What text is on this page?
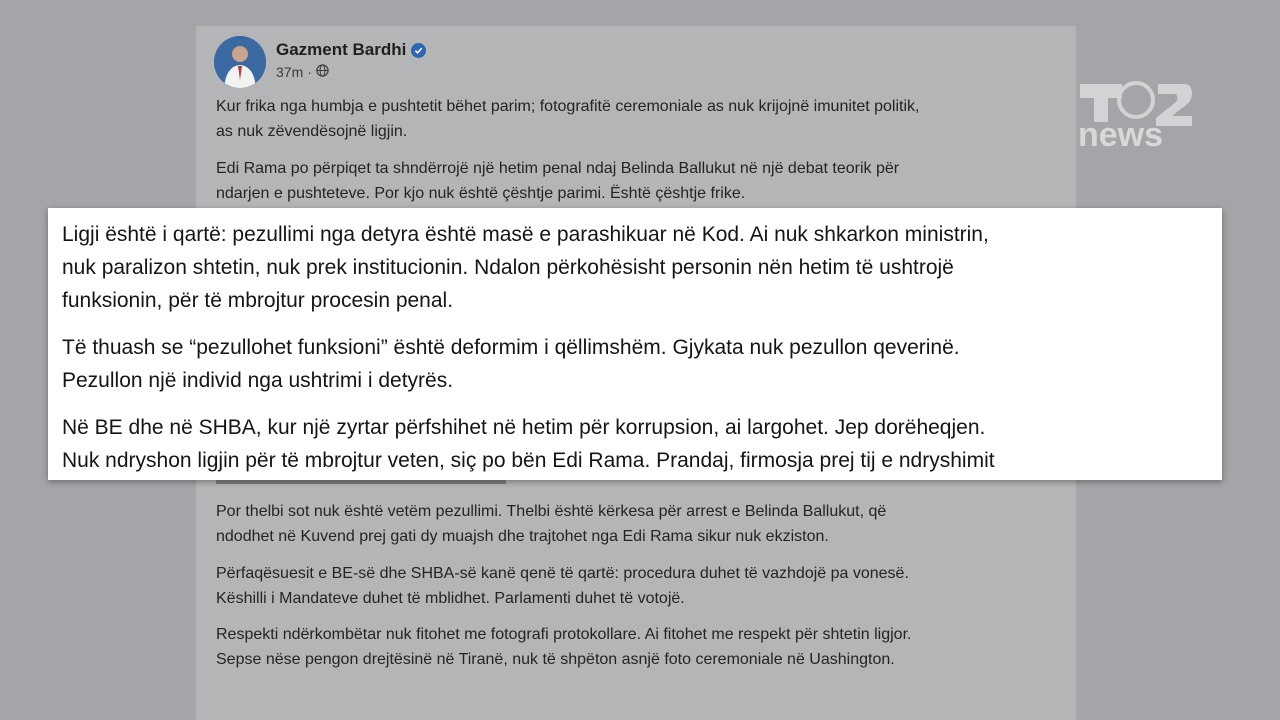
Gazment Bardhi
37m ·

Kur frika nga humbja e pushtetit bëhet parim; fotografitë ceremoniale as nuk krijojnë imunitet politik,

as nuk zëvendësojnë ligjin.

Edi Rama po përpiqet ta shndërrojë një hetim penal ndaj Belinda Ballukut në një debat teorik për

ndarjen e pushteteve. Por kjo nuk është çështje parimi. Është çështje frike.

news

Ligji është i qartë: pezullimi nga detyra është masë e parashikuar në Kod. Ai nuk shkarkon ministrin,
nuk paralizon shtetin, nuk prek institucionin. Ndalon përkohësisht personin nën hetim të ushtrojë
funksionin, për të mbrojtur procesin penal.

Të thuash se “pezullohet funksioni” është deformim i qëllimshëm. Gjykata nuk pezullon qeverinë.
Pezullon një individ nga ushtrimi i detyrës.

Në BE dhe në SHBA, kur një zyrtar përfshihet në hetim për korrupsion, ai largohet. Jep dorëheqjen.
Nuk ndryshon ligjin për të mbrojtur veten, siç po bën Edi Rama. Prandaj, firmosja prej tij e ndryshimit

Por thelbi sot nuk është vetëm pezullimi. Thelbi është kërkesa për arrest e Belinda Ballukut, që

ndodhet në Kuvend prej gati dy muajsh dhe trajtohet nga Edi Rama sikur nuk ekziston.

Përfaqësuesit e BE-së dhe SHBA-së kanë qenë të qartë: procedura duhet të vazhdojë pa vonesë.

Këshilli i Mandateve duhet të mblidhet. Parlamenti duhet të votojë.

Respekti ndërkombëtar nuk fitohet me fotografi protokollare. Ai fitohet me respekt për shtetin ligjor.

Sepse nëse pengon drejtësinë në Tiranë, nuk të shpëton asnjë foto ceremoniale në Uashington.
